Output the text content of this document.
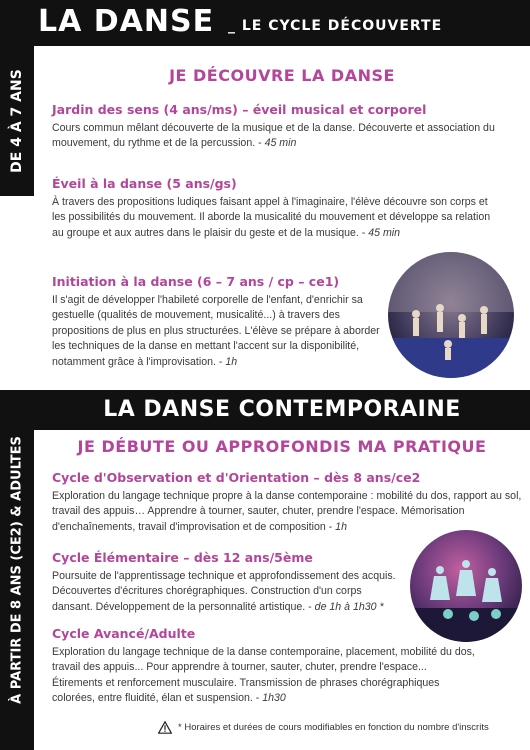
LA DANSE _ LE CYCLE DÉCOUVERTE
DE 4 À 7 ANS
À PARTIR DE 8 ANS (CE2) & ADULTES
JE DÉCOUVRE LA DANSE
Jardin des sens (4 ans/ms) – éveil musical et corporel

Cours commun mêlant découverte de la musique et de la danse. Découverte et association du mouvement, du rythme et de la percussion. - 45 min

Éveil à la danse (5 ans/gs)

À travers des propositions ludiques faisant appel à l'imaginaire, l'élève découvre son corps et les possibilités du mouvement. Il aborde la musicalité du mouvement et développe sa relation au groupe et aux autres dans le plaisir du geste et de la musique. - 45 min

Initiation à la danse (6 – 7 ans / cp – ce1)

Il s'agit de développer l'habileté corporelle de l'enfant, d'enrichir sa gestuelle (qualités de mouvement, musicalité...) à travers des propositions de plus en plus structurées. L'élève se prépare à aborder les techniques de la danse en mettant l'accent sur la disponibilité, notamment grâce à l'improvisation. - 1h

LA DANSE CONTEMPORAINE
JE DÉBUTE OU APPROFONDIS MA PRATIQUE
Cycle d'Observation et d'Orientation – dès 8 ans/ce2

Exploration du langage technique propre à la danse contemporaine : mobilité du dos, rapport au sol, travail des appuis… Apprendre à tourner, sauter, chuter, prendre l'espace. Mémorisation d'enchaînements, travail d'improvisation et de composition - 1h

Cycle Élémentaire – dès 12 ans/5ème

Poursuite de l'apprentissage technique et approfondissement des acquis. Découvertes d'écritures chorégraphiques. Construction d'un corps dansant. Développement de la personnalité artistique. - de 1h à 1h30 *

Cycle Avancé/Adulte

Exploration du langage technique de la danse contemporaine, placement, mobilité du dos, travail des appuis... Pour apprendre à tourner, sauter, chuter, prendre l'espace... Étirements et renforcement musculaire. Transmission de phrases chorégraphiques colorées, entre fluidité, élan et suspension. - 1h30

* Horaires et durées de cours modifiables en fonction du nombre d'inscrits
